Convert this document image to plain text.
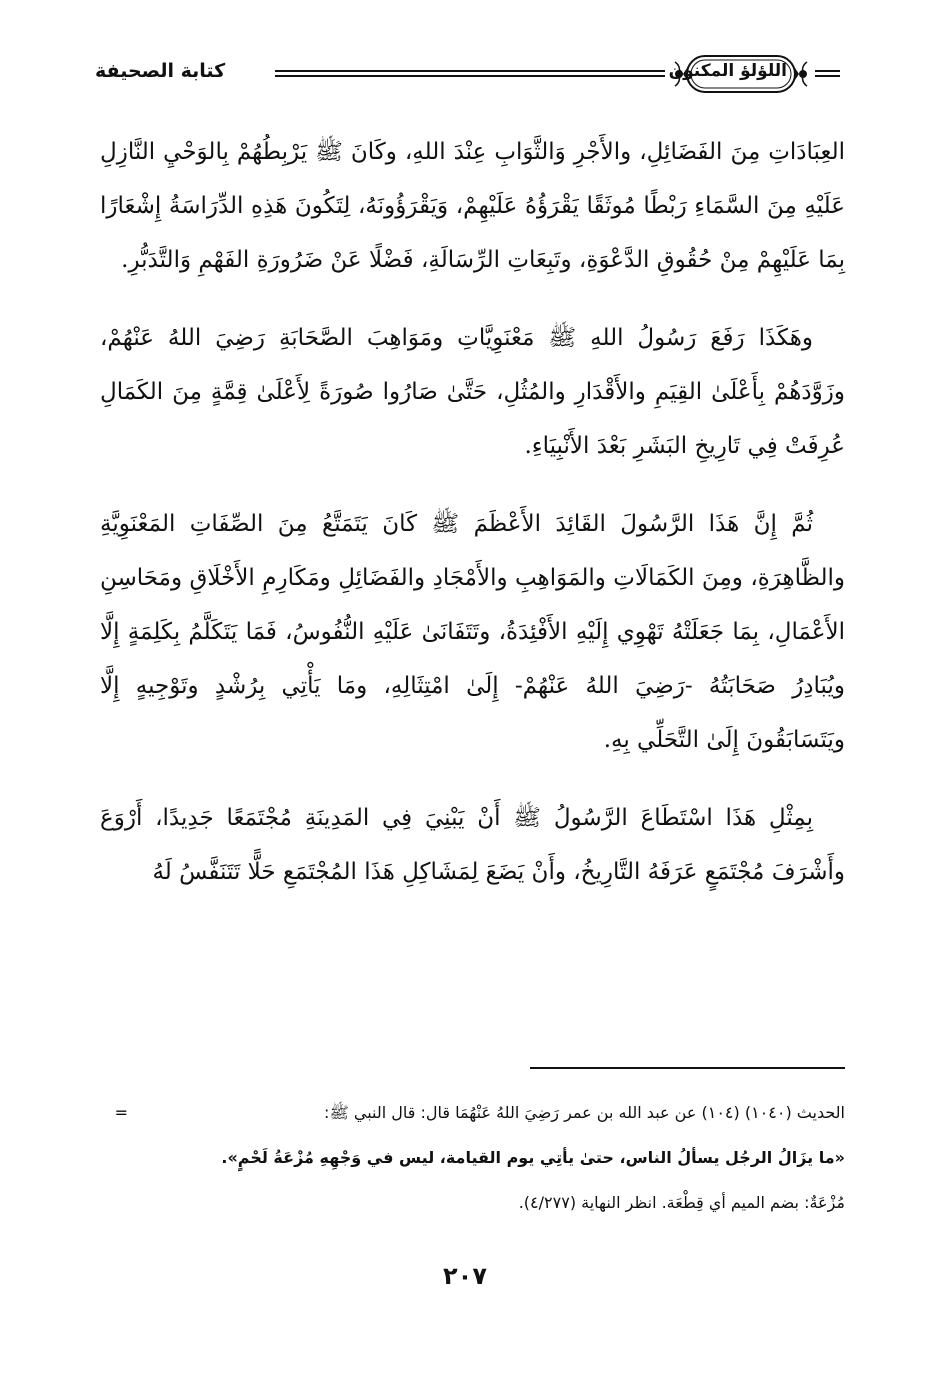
كتابة الصحيفة	اللؤلؤ المكنون

العِبَادَاتِ مِنَ الفَضَائِلِ، والأَجْرِ وَالثَّوَابِ عِنْدَ اللهِ، وكَانَ ﷺ يَرْبِطُهُمْ بِالوَحْيِ النَّازِلِ عَلَيْهِ مِنَ السَّمَاءِ رَبْطًا مُوثَقًا يَقْرَؤُهُ عَلَيْهِمْ، وَيَقْرَؤُونَهُ، لِتَكُونَ هَذِهِ الدِّرَاسَةُ إِشْعَارًا بِمَا عَلَيْهِمْ مِنْ حُقُوقِ الدَّعْوَةِ، وتَبِعَاتِ الرِّسَالَةِ، فَضْلًا عَنْ ضَرُورَةِ الفَهْمِ وَالتَّدَبُّرِ.

وهَكَذَا رَفَعَ رَسُولُ اللهِ ﷺ مَعْنَوِيَّاتِ ومَوَاهِبَ الصَّحَابَةِ رَضِيَ اللهُ عَنْهُمْ، وزَوَّدَهُمْ بِأَعْلَىٰ القِيَمِ والأَقْدَارِ والمُثُلِ، حَتَّىٰ صَارُوا صُورَةً لِأَعْلَىٰ قِمَّةٍ مِنَ الكَمَالِ عُرِفَتْ فِي تَارِيخِ البَشَرِ بَعْدَ الأَنْبِيَاءِ.

ثُمَّ إِنَّ هَذَا الرَّسُولَ القَائِدَ الأَعْظَمَ ﷺ كَانَ يَتَمَتَّعُ مِنَ الصِّفَاتِ المَعْنَوِيَّةِ والظَّاهِرَةِ، ومِنَ الكَمَالَاتِ والمَوَاهِبِ والأَمْجَادِ والفَضَائِلِ ومَكَارِمِ الأَخْلَاقِ ومَحَاسِنِ الأَعْمَالِ، بِمَا جَعَلَتْهُ تَهْوِي إِلَيْهِ الأَفْئِدَةُ، وتَتَفَانَىٰ عَلَيْهِ النُّفُوسُ، فَمَا يَتَكَلَّمُ بِكَلِمَةٍ إِلَّا ويُبَادِرُ صَحَابَتُهُ -رَضِيَ اللهُ عَنْهُمْ- إِلَىٰ امْتِثَالِهِ، ومَا يَأْتِي بِرُشْدٍ وتَوْجِيهٍ إِلَّا ويَتَسَابَقُونَ إِلَىٰ التَّحَلِّي بِهِ.

بِمِثْلِ هَذَا اسْتَطَاعَ الرَّسُولُ ﷺ أَنْ يَبْنِيَ فِي المَدِينَةِ مُجْتَمَعًا جَدِيدًا، أَرْوَعَ وأَشْرَفَ مُجْتَمَعٍ عَرَفَهُ التَّارِيخُ، وأَنْ يَضَعَ لِمَشَاكِلِ هَذَا المُجْتَمَعِ حَلًّا تَتَنَفَّسُ لَهُ

الحديث (١٠٤٠) (١٠٤) عن عبد الله بن عمر رَضِيَ اللهُ عَنْهُمَا قال: قال النبي ﷺ:
=

«ما يزَالُ الرجُل يسألُ الناس، حتىٰ يأتِي يوم القيامة، ليس في وَجْهِهِ مُزْعَةُ لَحْمٍ».

مُزْعَةٌ: بضم الميم أي قِطْعَة. انظر النهاية (٤/٢٧٧).

٢٠٧
